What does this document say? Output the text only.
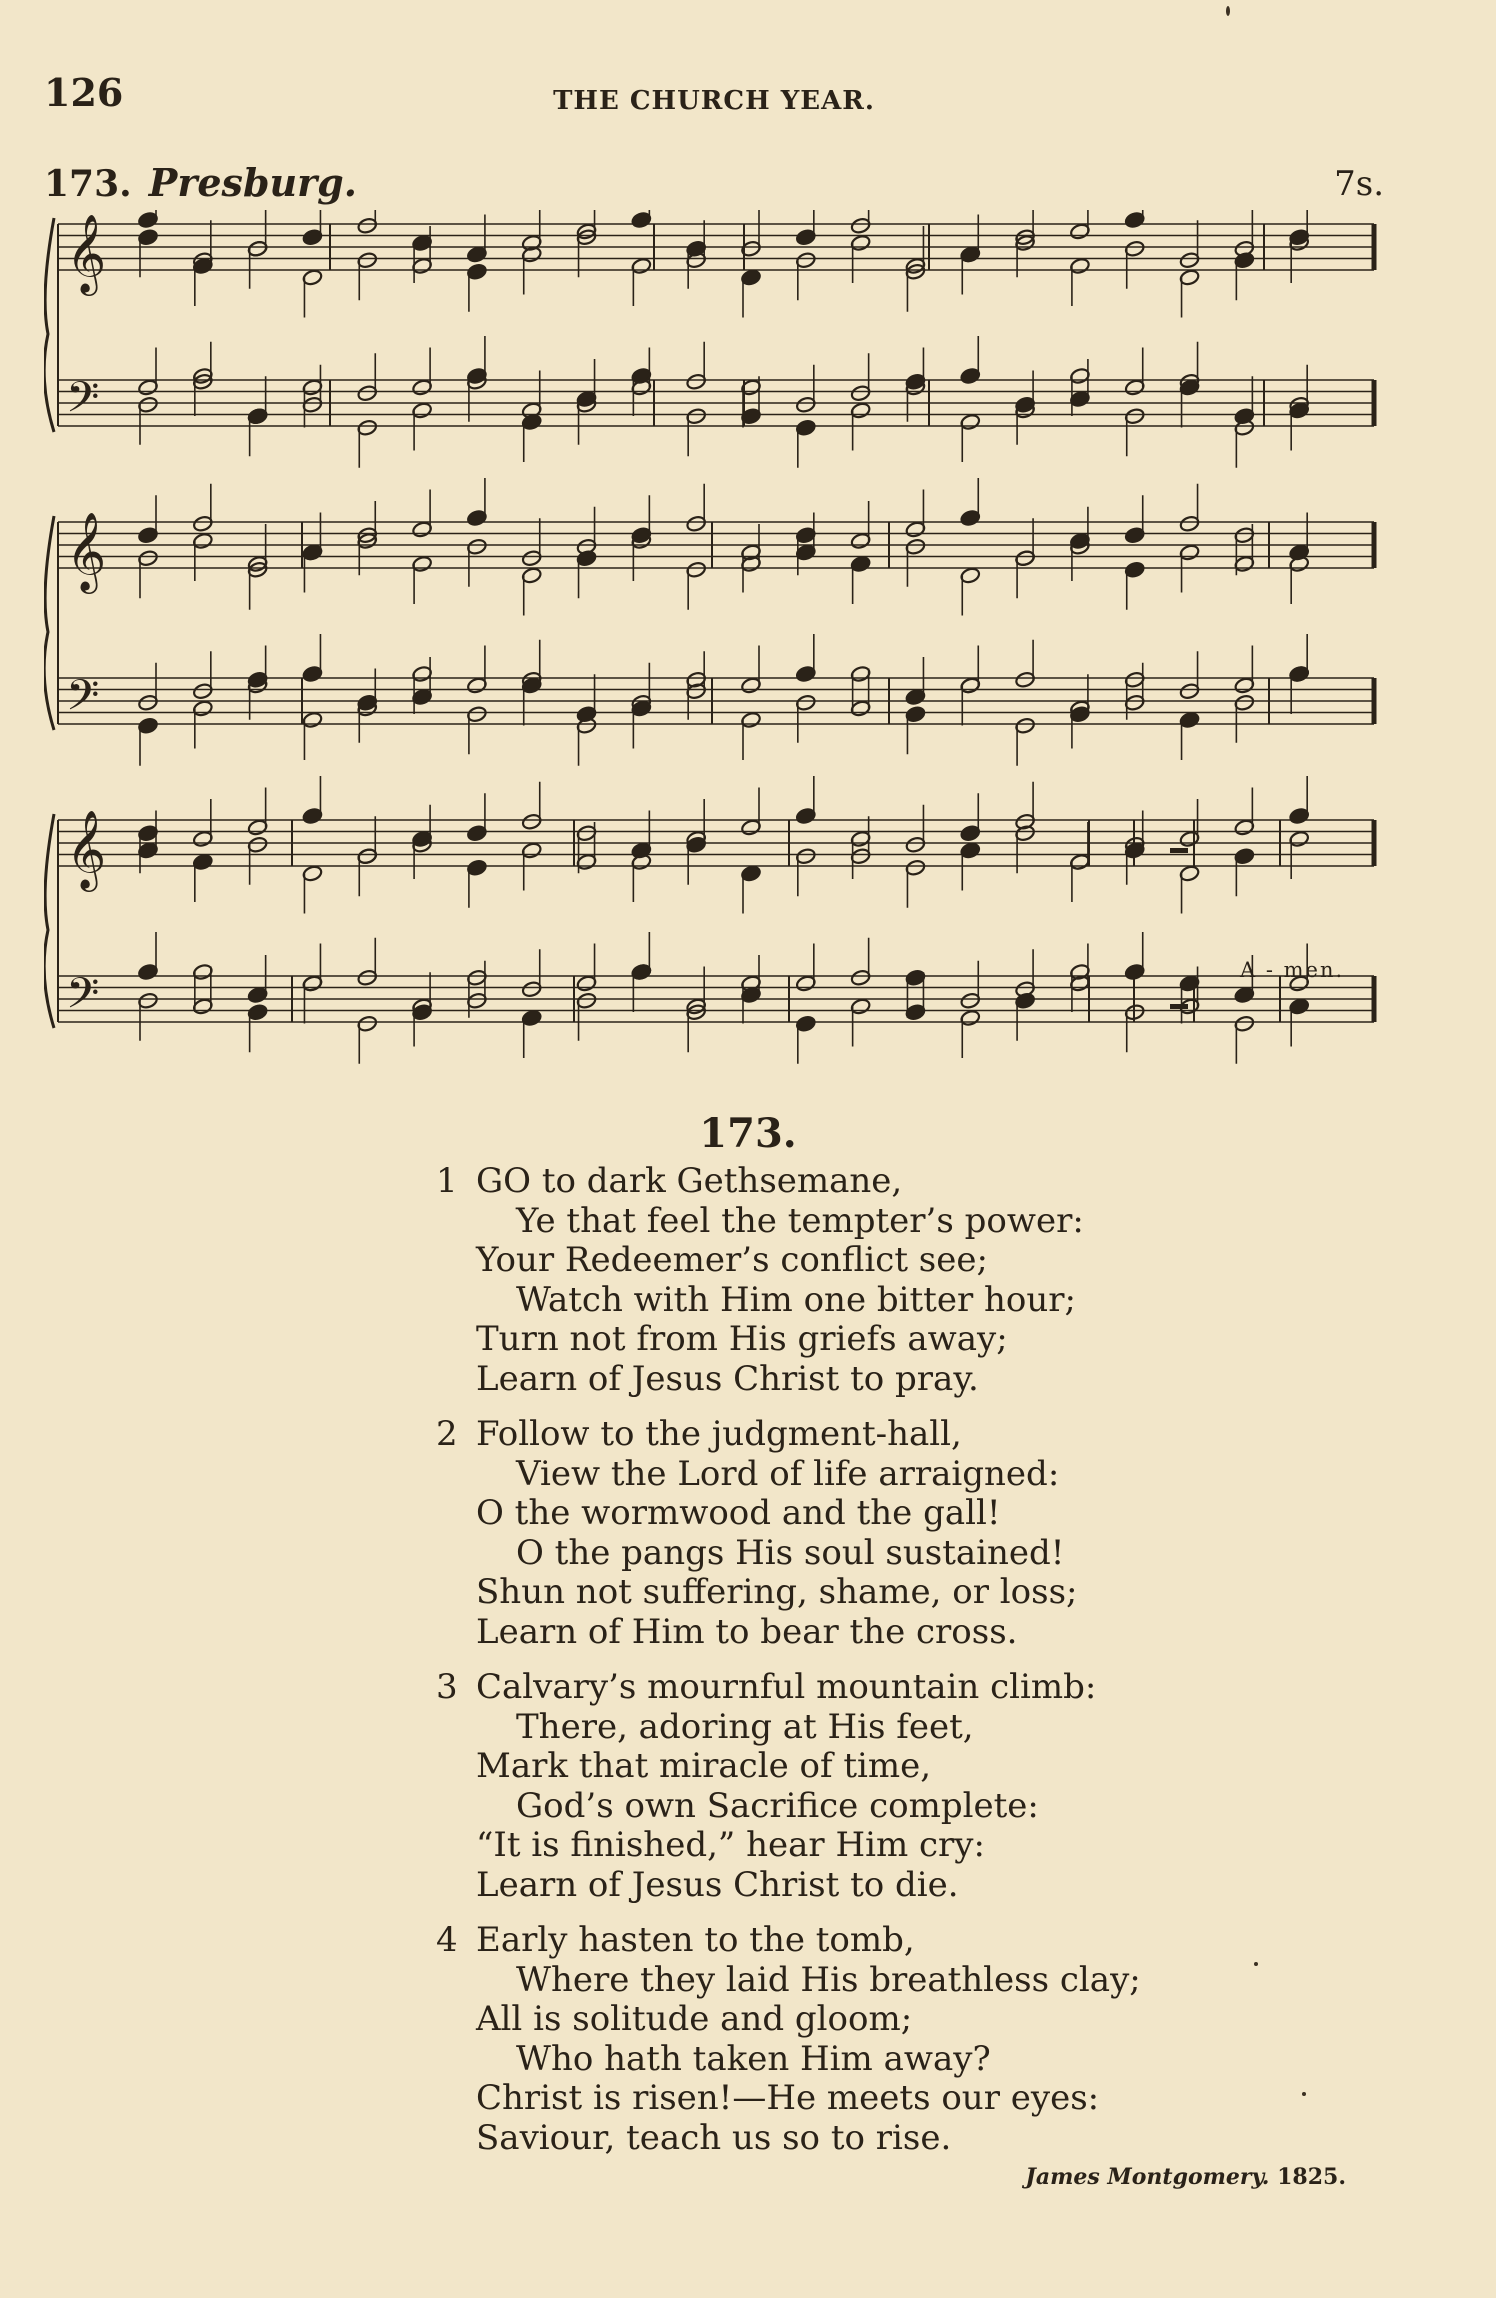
126	THE CHURCH YEAR.
173. Presburg.	7s.
𝄞
𝄢
𝄞
𝄢
𝄞
𝄢	A - men.
173.
1 GO to dark Gethsemane,
Ye that feel the tempter’s power:
Your Redeemer’s conflict see;
Watch with Him one bitter hour;
Turn not from His griefs away;
Learn of Jesus Christ to pray.
2 Follow to the judgment-hall,
View the Lord of life arraigned:
O the wormwood and the gall!
O the pangs His soul sustained!
Shun not suffering, shame, or loss;
Learn of Him to bear the cross.
3 Calvary’s mournful mountain climb:
There, adoring at His feet,
Mark that miracle of time,
God’s own Sacrifice complete:
“It is finished,” hear Him cry:
Learn of Jesus Christ to die.
4 Early hasten to the tomb,
Where they laid His breathless clay;
All is solitude and gloom;
Who hath taken Him away?
Christ is risen!—He meets our eyes:
Saviour, teach us so to rise.
James Montgomery. 1825.
